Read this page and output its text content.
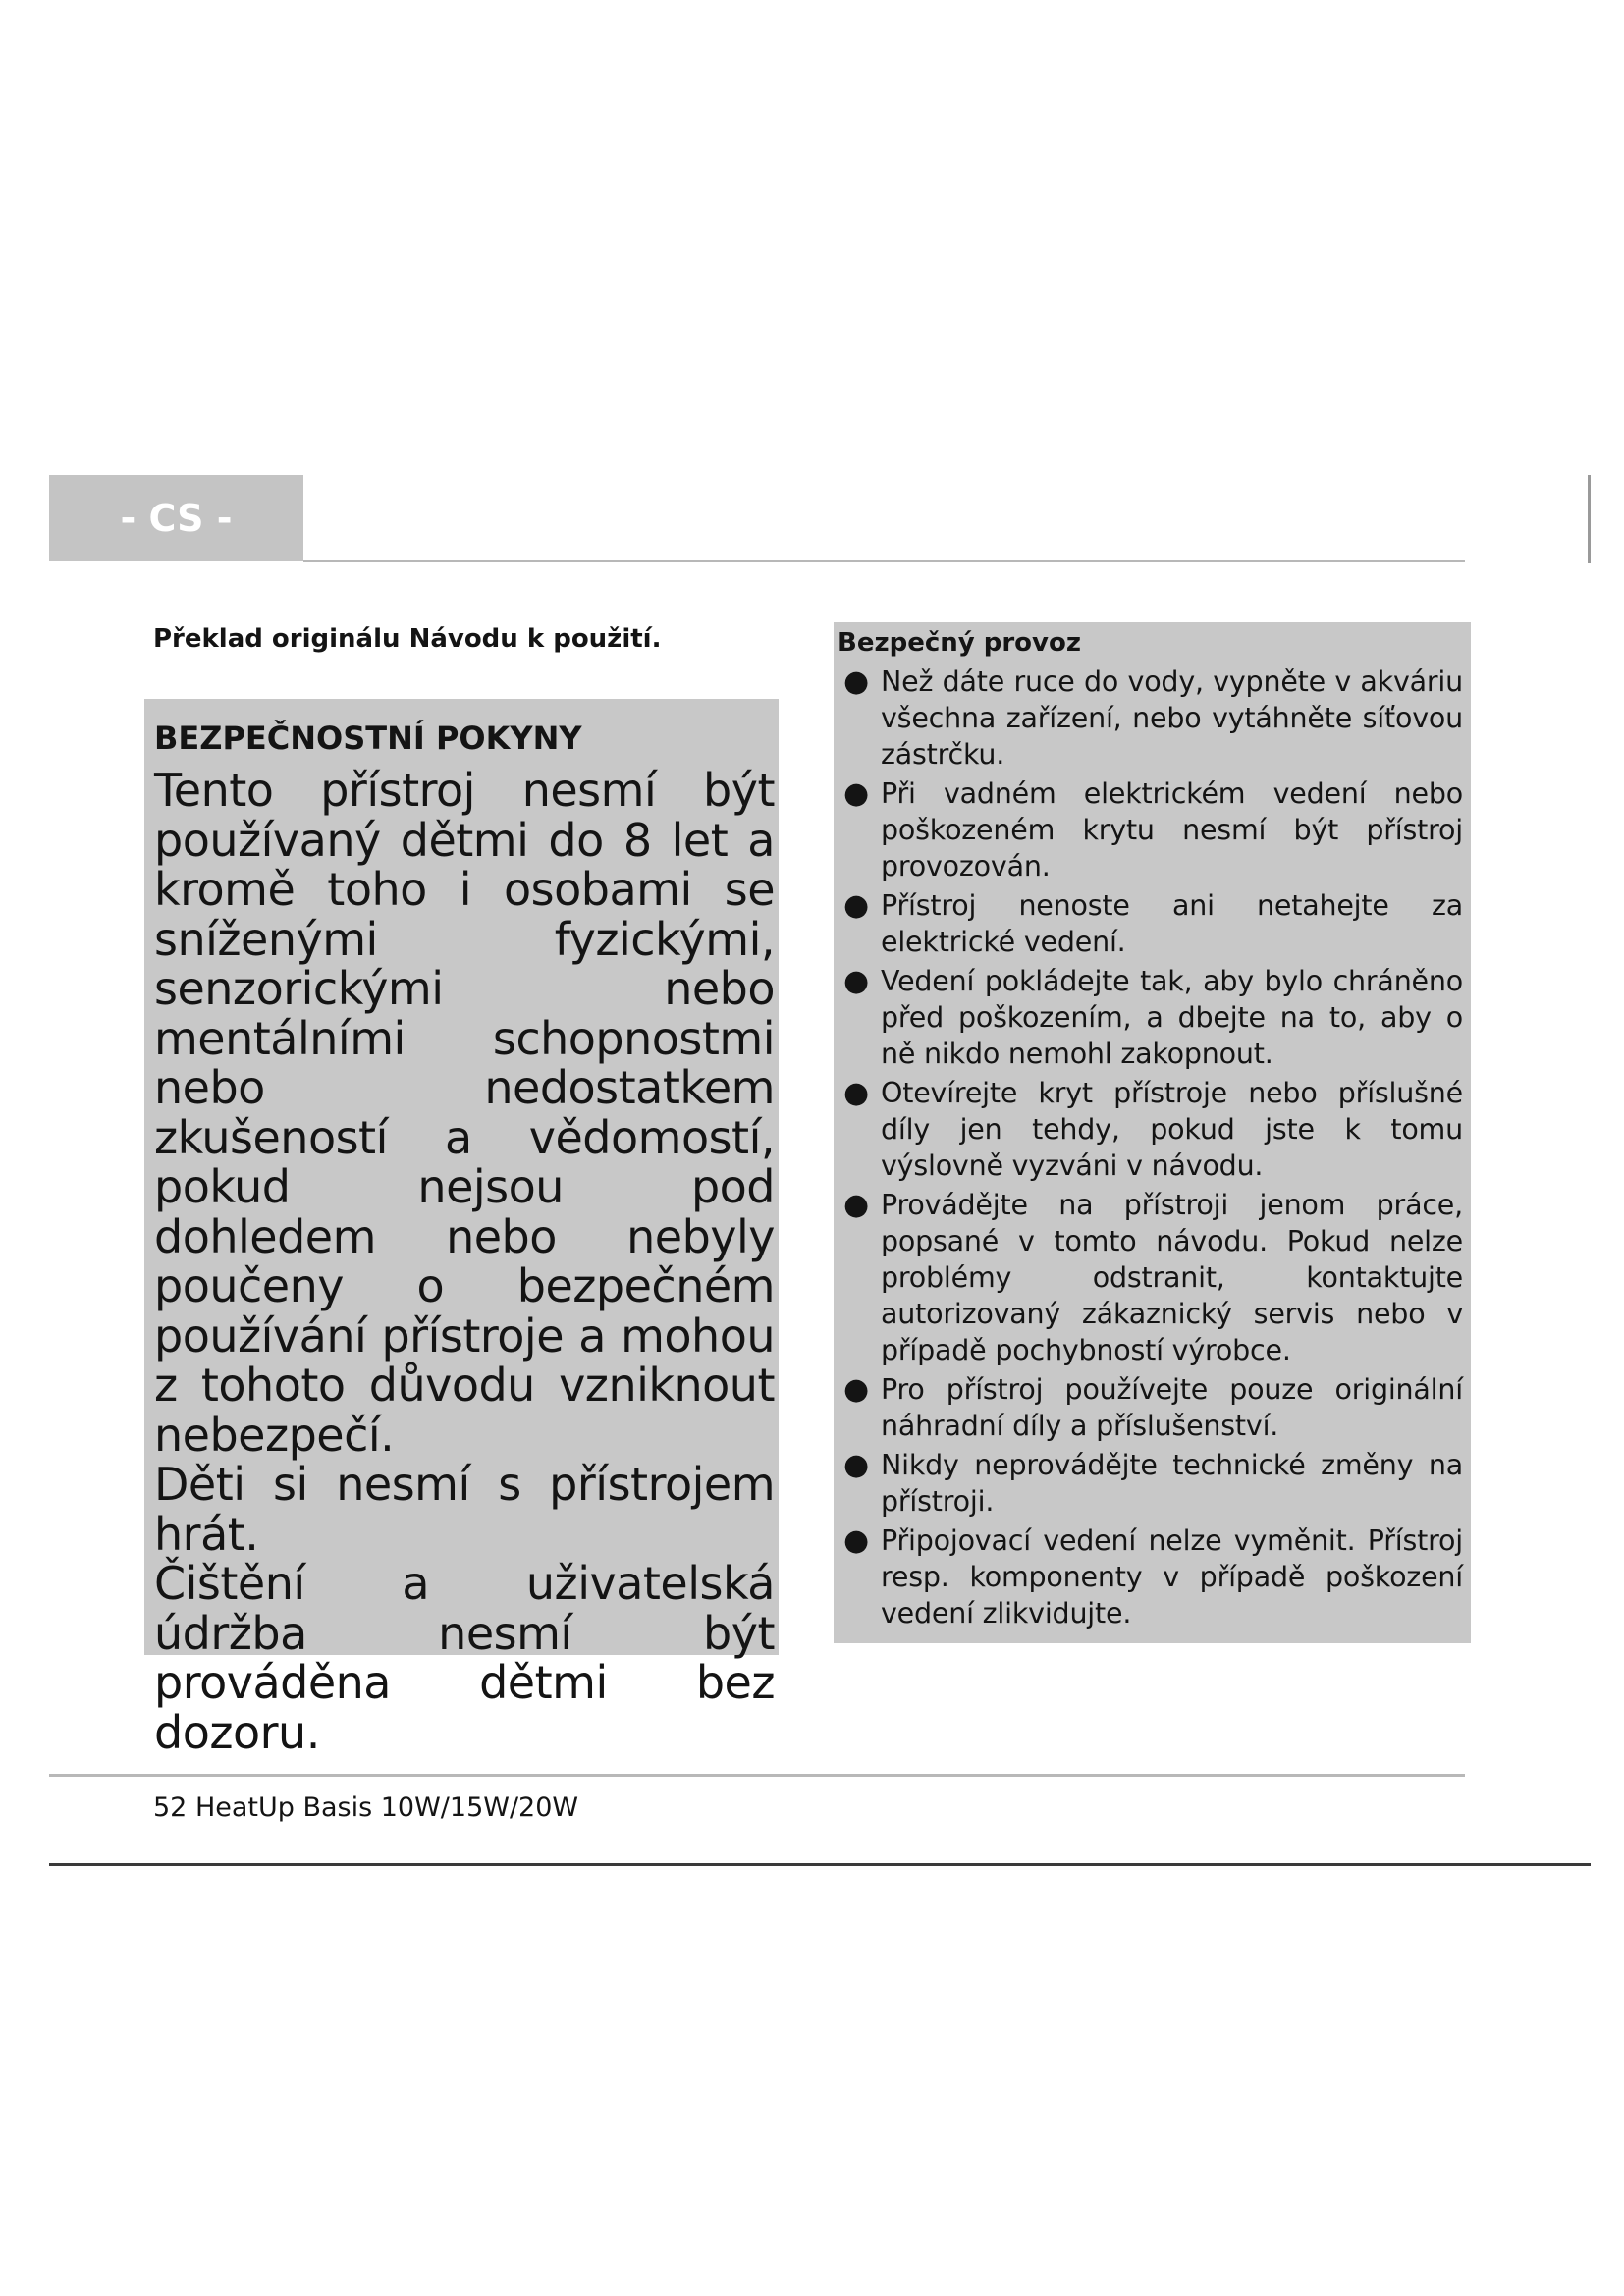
- CS -
Překlad originálu Návodu k použití.
BEZPEČNOSTNÍ POKYNY

Tento přístroj nesmí být používaný dětmi do 8 let a kromě toho i osobami se sníženými fyzickými, senzorickými nebo mentálními schopnostmi nebo nedostatkem zkušeností a vědomostí, pokud nejsou pod dohledem nebo nebyly poučeny o bezpečném používání přístroje a mohou z tohoto důvodu vzniknout nebezpečí.

Děti si nesmí s přístrojem hrát.

Čištění a uživatelská údržba nesmí být prováděna dětmi bez dozoru.

Bezpečný provoz
● Než dáte ruce do vody, vypněte v akváriu všechna zařízení, nebo vytáhněte síťovou zástrčku.
● Při vadném elektrickém vedení nebo poškozeném krytu nesmí být přístroj provozován.
● Přístroj nenoste ani netahejte za elektrické vedení.
● Vedení pokládejte tak, aby bylo chráněno před poškozením, a dbejte na to, aby o ně nikdo nemohl zakopnout.
● Otevírejte kryt přístroje nebo příslušné díly jen tehdy, pokud jste k tomu výslovně vyzváni v návodu.
● Provádějte na přístroji jenom práce, popsané v tomto návodu. Pokud nelze problémy odstranit, kontaktujte autorizovaný zákaznický servis nebo v případě pochybností výrobce.
● Pro přístroj používejte pouze originální náhradní díly a příslušenství.
● Nikdy neprovádějte technické změny na přístroji.
● Připojovací vedení nelze vyměnit. Přístroj resp. komponenty v případě poškození vedení zlikvidujte.
52 HeatUp Basis 10W/15W/20W
